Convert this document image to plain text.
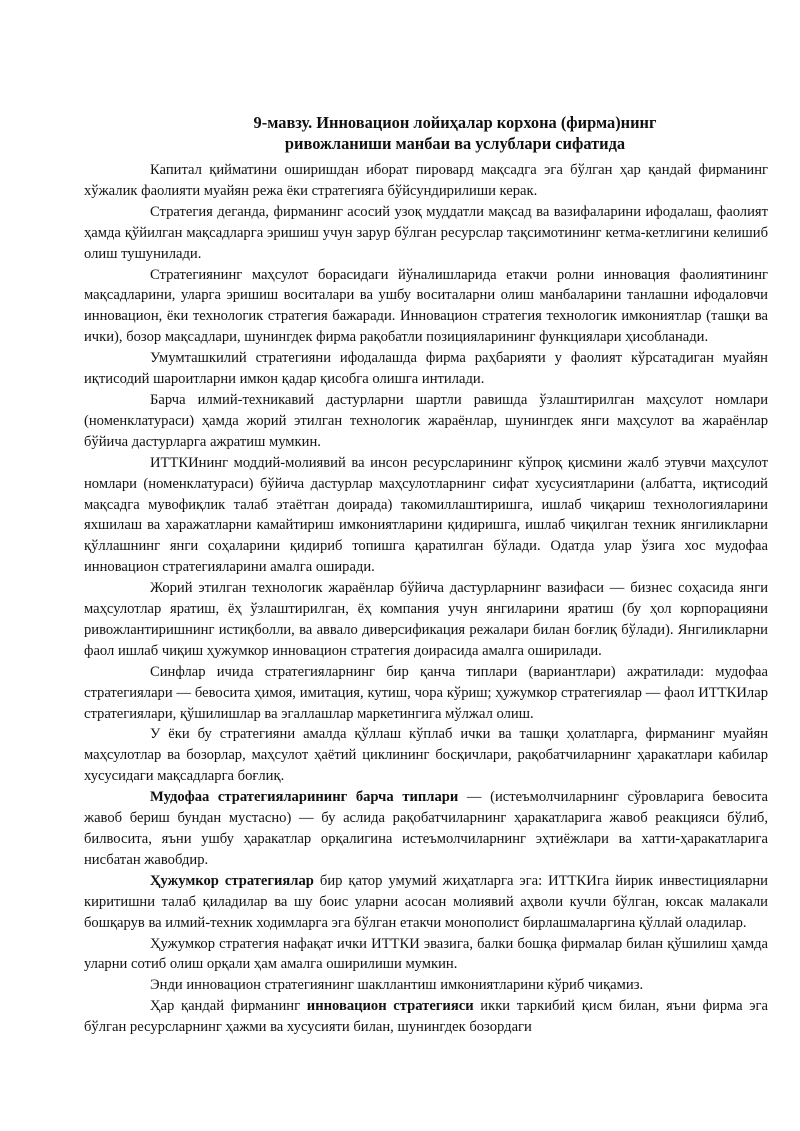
9-мавзу. Инновацион лойиҳалар корхона (фирма)нинг
ривожланиши манбаи ва услублари сифатида

Капитал қийматини оширишдан иборат пировард мақсадга эга бўлган ҳар қандай фирманинг хўжалик фаолияти муайян режа ёки стратегияга бўйсундирилиши керак.

Стратегия деганда, фирманинг асосий узоқ муддатли мақсад ва вазифаларини ифодалаш, фаолият ҳамда қўйилган мақсадларга эришиш учун зарур бўлган ресурслар тақсимотининг кетма-кетлигини келишиб олиш тушунилади.

Стратегиянинг маҳсулот борасидаги йўналишларида етакчи ролни инновация фаолиятининг мақсадларини, уларга эришиш воситалари ва ушбу воситаларни олиш манбаларини танлашни ифодаловчи инновацион, ёки технологик стратегия бажаради. Инновацион стратегия технологик имкониятлар (ташқи ва ички), бозор мақсадлари, шунингдек фирма рақобатли позицияларининг функциялари ҳисобланади.

Умумташкилий стратегияни ифодалашда фирма раҳбарияти у фаолият кўрсатадиган муайян иқтисодий шароитларни имкон қадар қисобга олишга интилади.

Барча илмий-техникавий дастурларни шартли равишда ўзлаштирилган маҳсулот номлари (номенклатураси) ҳамда жорий этилган технологик жараёнлар, шунингдек янги маҳсулот ва жараёнлар бўйича дастурларга ажратиш мумкин.

ИТТКИнинг моддий-молиявий ва инсон ресурсларининг кўпроқ қисмини жалб этувчи маҳсулот номлари (номенклатураси) бўйича дастурлар маҳсулотларнинг сифат хусусиятларини (албатта, иқтисодий мақсадга мувофиқлик талаб этаётган доирада) такомиллаштиришга, ишлаб чиқариш технологияларини яхшилаш ва харажатларни камайтириш имкониятларини қидиришга, ишлаб чиқилган техник янгиликларни қўллашнинг янги соҳаларини қидириб топишга қаратилган бўлади. Одатда улар ўзига хос мудофаа инновацион стратегияларини амалга оширади.

Жорий этилган технологик жараёнлар бўйича дастурларнинг вазифаси — бизнес соҳасида янги маҳсулотлар яратиш, ёҳ ўзлаштирилган, ёҳ компания учун янгиларини яратиш (бу ҳол корпорацияни ривожлантиришнинг истиқболли, ва аввало диверсификация режалари билан боғлиқ бўлади). Янгиликларни фаол ишлаб чиқиш ҳужумкор инновацион стратегия доирасида амалга оширилади.

Синфлар ичида стратегияларнинг бир қанча типлари (вариантлари) ажратилади: мудофаа стратегиялари — бевосита ҳимоя, имитация, кутиш, чора кўриш; ҳужумкор стратегиялар — фаол ИТТКИлар стратегиялари, қўшилишлар ва эгаллашлар маркетингига мўлжал олиш.

У ёки бу стратегияни амалда қўллаш кўплаб ички ва ташқи ҳолатларга, фирманинг муайян маҳсулотлар ва бозорлар, маҳсулот ҳаётий циклининг босқичлари, рақобатчиларнинг ҳаракатлари кабилар хусусидаги мақсадларга боғлиқ.

Мудофаа стратегияларининг барча типлари — (истеъмолчиларнинг сўровларига бевосита жавоб бериш бундан мустасно) — бу аслида рақобатчиларнинг ҳаракатларига жавоб реакцияси бўлиб, билвосита, яъни ушбу ҳаракатлар орқалигина истеъмолчиларнинг эҳтиёжлари ва хатти-ҳаракатларига нисбатан жавобдир.

Ҳужумкор стратегиялар бир қатор умумий жиҳатларга эга: ИТТКИга йирик инвестицияларни киритишни талаб қиладилар ва шу боис уларни асосан молиявий аҳволи кучли бўлган, юксак малакали бошқарув ва илмий-техник ходимларга эга бўлган етакчи монополист бирлашмаларгина қўллай оладилар.

Ҳужумкор стратегия нафақат ички ИТТКИ эвазига, балки бошқа фирмалар билан қўшилиш ҳамда уларни сотиб олиш орқали ҳам амалга оширилиши мумкин.

Энди инновацион стратегиянинг шакллантиш имкониятларини кўриб чиқамиз.

Ҳар қандай фирманинг инновацион стратегияси икки таркибий қисм билан, яъни фирма эга бўлган ресурсларнинг ҳажми ва хусусияти билан, шунингдек бозордаги
